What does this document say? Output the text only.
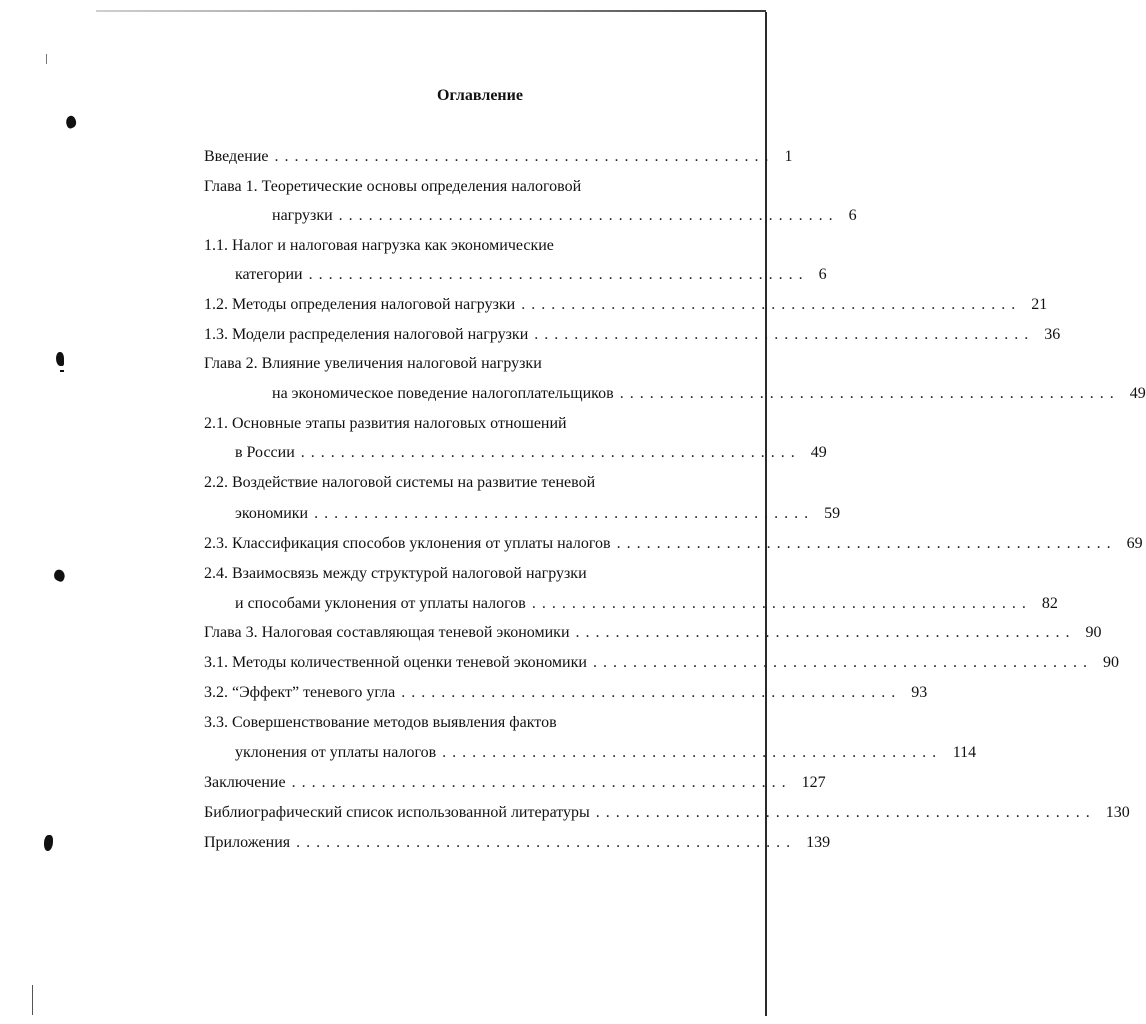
Оглавление
Введение .................................................. 1
Глава 1. Теоретические основы определения налоговой
нагрузки .................................................. 6
1.1. Налог и налоговая нагрузка как экономические
категории .................................................. 6
1.2. Методы определения налоговой нагрузки .................................................. 21
1.3. Модели распределения налоговой нагрузки .................................................. 36
Глава 2. Влияние увеличения налоговой нагрузки
на экономическое поведение налогоплательщиков .................................................. 49
2.1. Основные этапы развития налоговых отношений
в России .................................................. 49
2.2. Воздействие налоговой системы на развитие теневой
экономики .................................................. 59
2.3. Классификация способов уклонения от уплаты налогов .................................................. 69
2.4. Взаимосвязь между структурой налоговой нагрузки
и способами уклонения от уплаты налогов .................................................. 82
Глава 3. Налоговая составляющая теневой экономики .................................................. 90
3.1. Методы количественной оценки теневой экономики .................................................. 90
3.2. “Эффект” теневого угла .................................................. 93
3.3. Совершенствование методов выявления фактов
уклонения от уплаты налогов .................................................. 114
Заключение .................................................. 127
Библиографический список использованной литературы .................................................. 130
Приложения .................................................. 139
